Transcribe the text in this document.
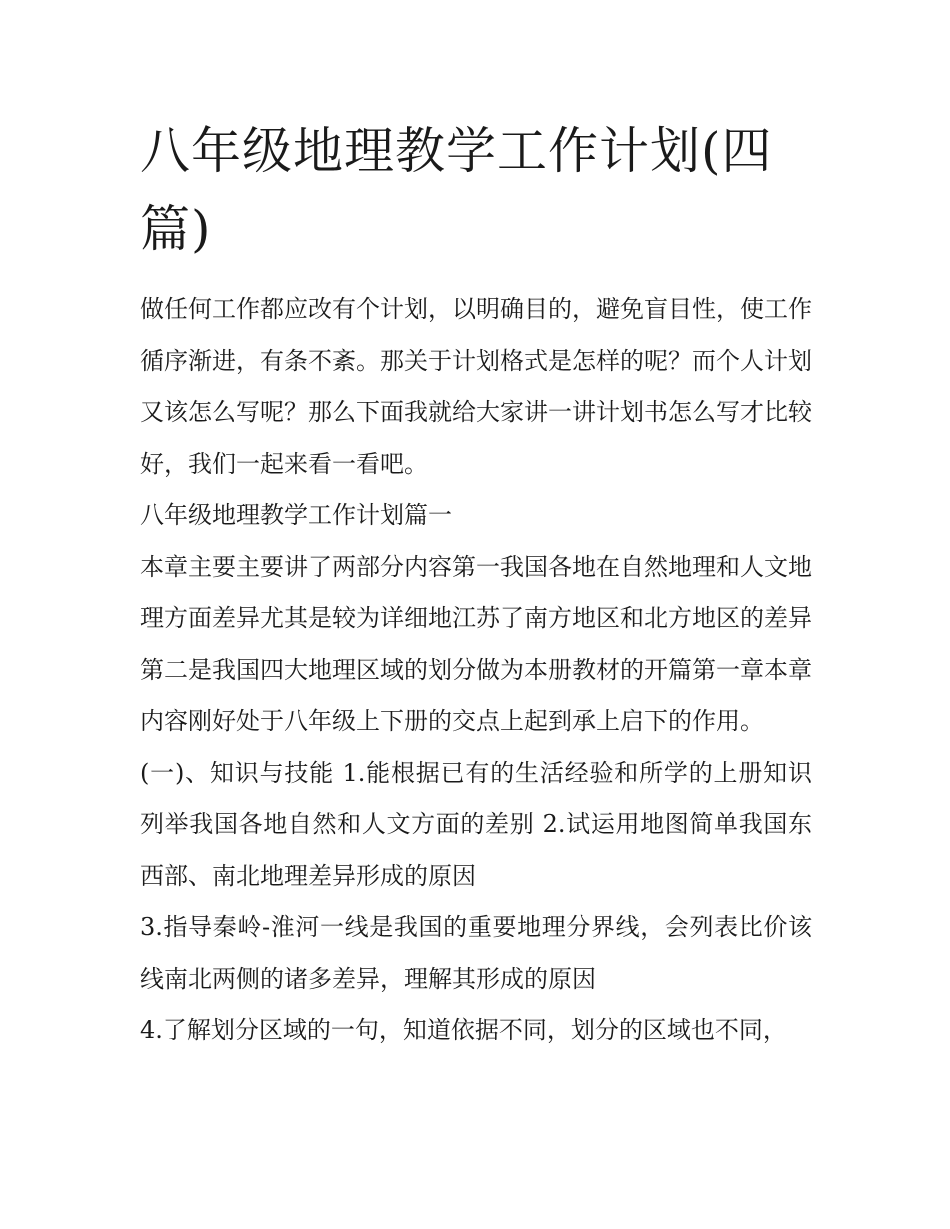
八年级地理教学工作计划(四篇)

做任何工作都应改有个计划，以明确目的，避免盲目性，使工作循序渐进，有条不紊。那关于计划格式是怎样的呢？而个人计划又该怎么写呢？那么下面我就给大家讲一讲计划书怎么写才比较好，我们一起来看一看吧。

八年级地理教学工作计划篇一

本章主要主要讲了两部分内容第一我国各地在自然地理和人文地理方面差异尤其是较为详细地江苏了南方地区和北方地区的差异第二是我国四大地理区域的划分做为本册教材的开篇第一章本章内容刚好处于八年级上下册的交点上起到承上启下的作用。

(一)、知识与技能 1.能根据已有的生活经验和所学的上册知识列举我国各地自然和人文方面的差别 2.试运用地图简单我国东西部、南北地理差异形成的原因

3.指导秦岭-淮河一线是我国的重要地理分界线，会列表比价该线南北两侧的诸多差异，理解其形成的原因

4.了解划分区域的一句，知道依据不同，划分的区域也不同，
